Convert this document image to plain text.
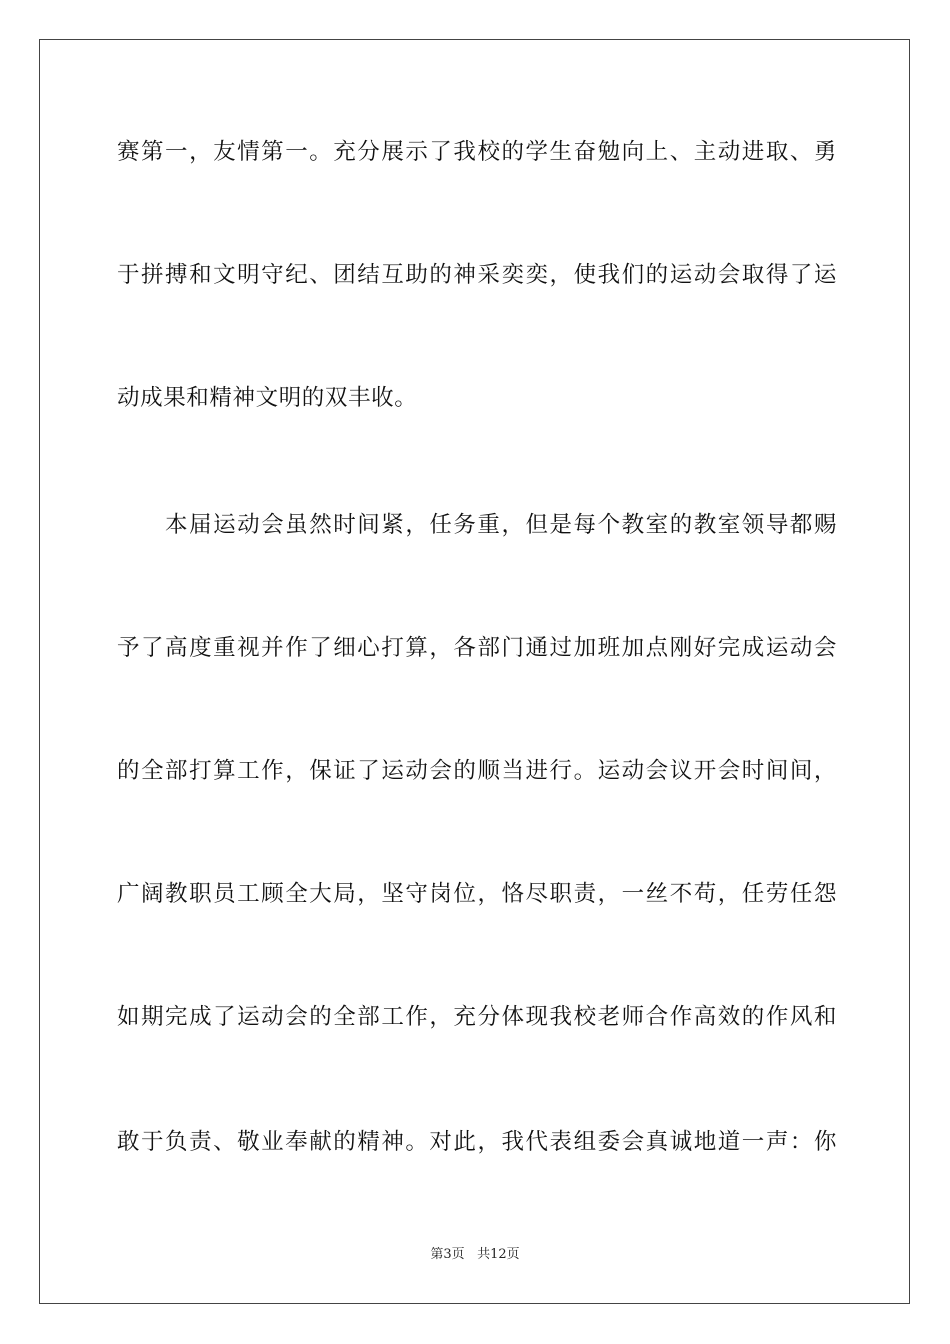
赛第一，友情第一。充分展示了我校的学生奋勉向上、主动进取、勇
于拼搏和文明守纪、团结互助的神采奕奕，使我们的运动会取得了运
动成果和精神文明的双丰收。
本届运动会虽然时间紧，任务重，但是每个教室的教室领导都赐
予了高度重视并作了细心打算，各部门通过加班加点刚好完成运动会
的全部打算工作，保证了运动会的顺当进行。运动会议开会时间间，
广阔教职员工顾全大局，坚守岗位，恪尽职责，一丝不苟，任劳任怨
如期完成了运动会的全部工作，充分体现我校老师合作高效的作风和
敢于负责、敬业奉献的精神。对此，我代表组委会真诚地道一声：你
第3页 共12页
